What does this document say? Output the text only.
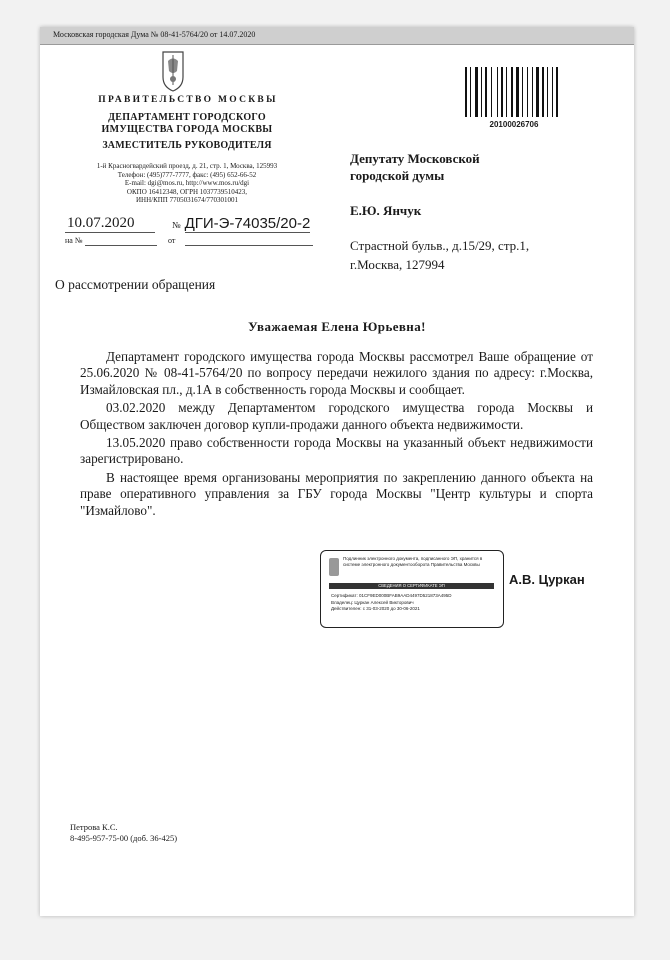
Московская городская Дума № 08-41-5764/20 от 14.07.2020
ПРАВИТЕЛЬСТВО МОСКВЫ
ДЕПАРТАМЕНТ ГОРОДСКОГО
ИМУЩЕСТВА ГОРОДА МОСКВЫ
ЗАМЕСТИТЕЛЬ РУКОВОДИТЕЛЯ
1-й Красногвардейский проезд, д. 21, стр. 1, Москва, 125993
Телефон: (495)777-7777, факс: (495) 652-66-52
E-mail: dgi@mos.ru, http://www.mos.ru/dgi
ОКПО 16412348, ОГРН 1037739510423,
ИНН/КПП 7705031674/770301001
20100026706
10.07.2020	№ ДГИ-Э-74035/20-2
на №	от
Депутату Московской
городской думы
Е.Ю. Янчук
Страстной бульв., д.15/29, стр.1,
г.Москва, 127994
О рассмотрении обращения
Уважаемая Елена Юрьевна!

Департамент городского имущества города Москвы рассмотрел Ваше обращение от 25.06.2020 № 08-41-5764/20 по вопросу передачи нежилого здания по адресу: г.Москва, Измайловская пл., д.1А в собственность города Москвы и сообщает.

03.02.2020 между Департаментом городского имущества города Москвы и Обществом заключен договор купли-продажи данного объекта недвижимости.

13.05.2020 право собственности города Москвы на указанный объект недвижимости зарегистрировано.

В настоящее время организованы мероприятия по закреплению данного объекта на праве оперативного управления за ГБУ города Москвы "Центр культуры и спорта "Измайлово".

Подлинник электронного документа, подписанного ЭП, хранится в системе электронного документооборота Правительства Москвы
СВЕДЕНИЯ О СЕРТИФИКАТЕ ЭП
Сертификат: 01CF9ED000BFAB9AAD4497D521873A495D
Владелец: Цуркан Алексей Викторович
Действителен: с 31-03-2020 до 30-06-2021
А.В. Цуркан
Петрова К.С.
8-495-957-75-00 (доб. 36-425)
